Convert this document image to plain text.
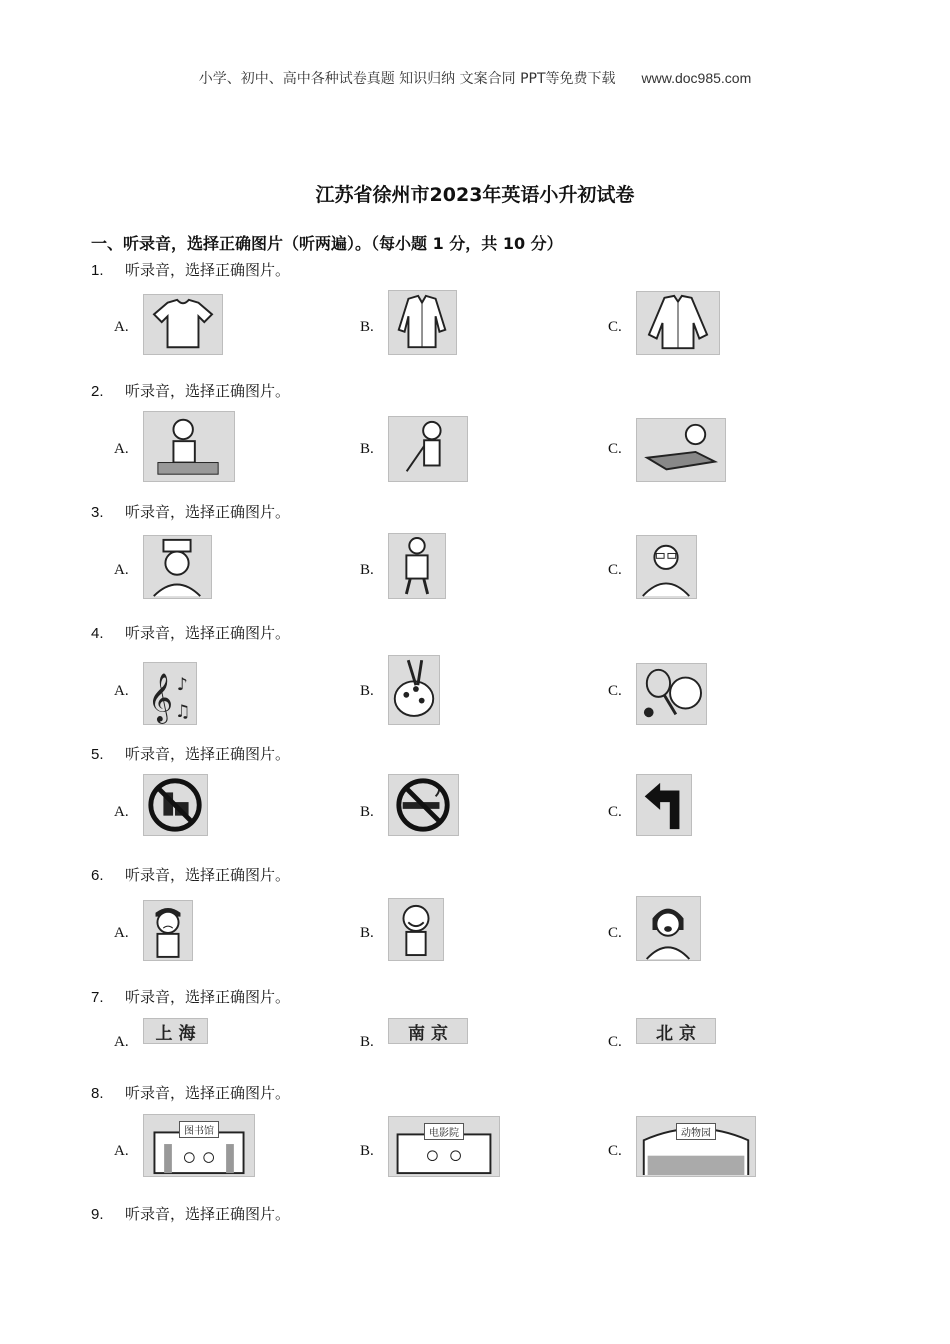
小学、初中、高中各种试卷真题 知识归纳 文案合同 PPT等免费下载 www.doc985.com
江苏省徐州市2023年英语小升初试卷
一、听录音，选择正确图片（听两遍）。（每小题 1 分，共 10 分）
1. 听录音，选择正确图片。
A.	B.	C.
2. 听录音，选择正确图片。
A.	B.	C.
3. 听录音，选择正确图片。
A.	B.	C.
4. 听录音，选择正确图片。
A. 𝄞 ♪
♫
B.	C.
5. 听录音，选择正确图片。
A.	B.	C.
6. 听录音，选择正确图片。
A.	B.	C.
7. 听录音，选择正确图片。
A.	上 海	B.	南 京	C.	北 京
8. 听录音，选择正确图片。
A.
图书馆
B.
电影院
C.
动物园
9. 听录音，选择正确图片。
